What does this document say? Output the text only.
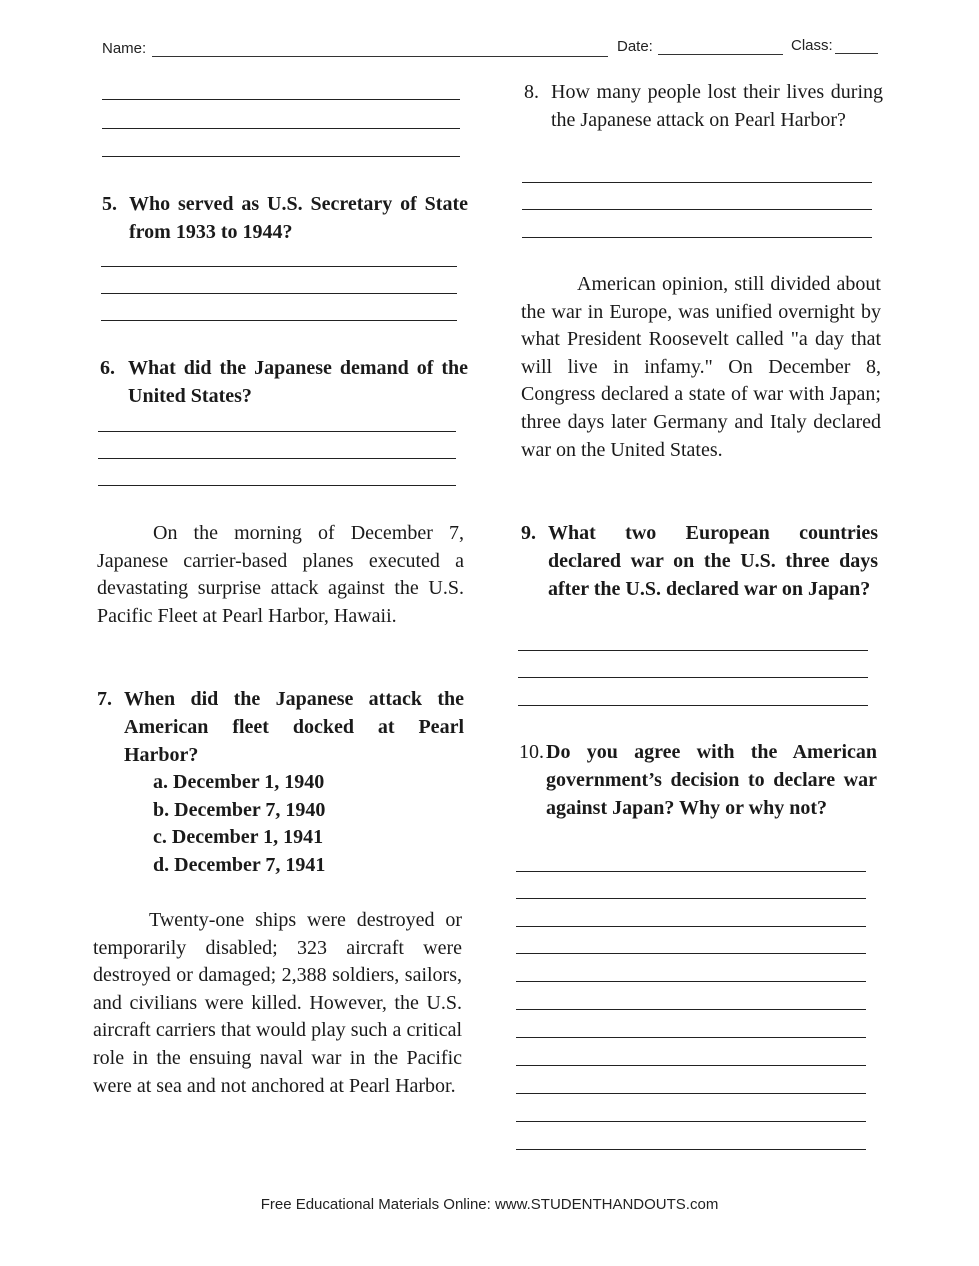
Name:	Date:	Class:
5. Who served as U.S. Secretary of State from 1933 to 1944?
6. What did the Japanese demand of the United States?
On the morning of December 7, Japanese carrier-based planes executed a devastating surprise attack against the U.S. Pacific Fleet at Pearl Harbor, Hawaii.
7. When did the Japanese attack the American fleet docked at Pearl Harbor?
a. December 1, 1940
b. December 7, 1940
c. December 1, 1941
d. December 7, 1941
Twenty-one ships were destroyed or temporarily disabled; 323 aircraft were destroyed or damaged; 2,388 soldiers, sailors, and civilians were killed. However, the U.S. aircraft carriers that would play such a critical role in the ensuing naval war in the Pacific were at sea and not anchored at Pearl Harbor.
8. How many people lost their lives during the Japanese attack on Pearl Harbor?
American opinion, still divided about the war in Europe, was unified overnight by what President Roosevelt called "a day that will live in infamy." On December 8, Congress declared a state of war with Japan; three days later Germany and Italy declared war on the United States.
9. What two European countries declared war on the U.S. three days after the U.S. declared war on Japan?
10. Do you agree with the American government’s decision to declare war against Japan? Why or why not?
Free Educational Materials Online: www.STUDENTHANDOUTS.com
